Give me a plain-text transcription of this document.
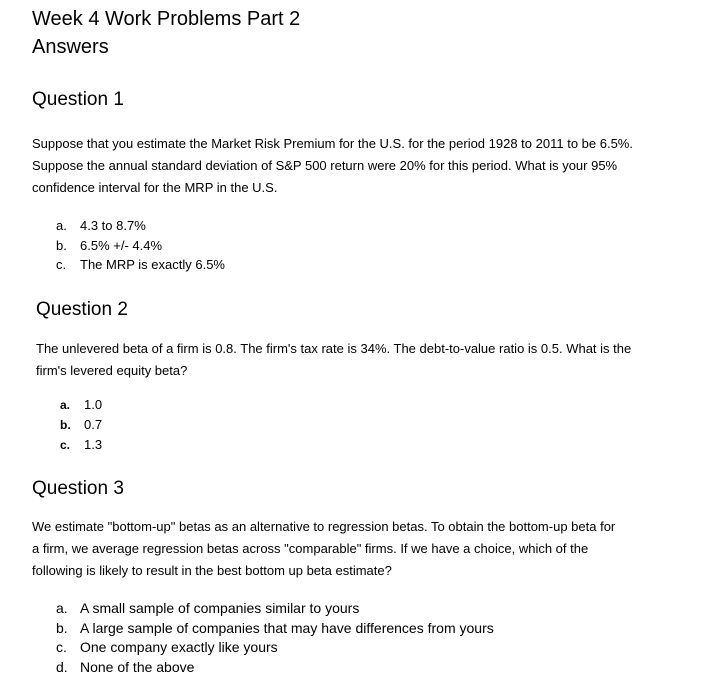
Week 4 Work Problems Part 2
Answers
Question 1
Suppose that you estimate the Market Risk Premium for the U.S. for the period 1928 to 2011 to be 6.5%.
Suppose the annual standard deviation of S&P 500 return were 20% for this period. What is your 95%
confidence interval for the MRP in the U.S.
a.	4.3 to 8.7%
b.	6.5% +/- 4.4%
c.	The MRP is exactly 6.5%
Question 2
The unlevered beta of a firm is 0.8. The firm's tax rate is 34%. The debt-to-value ratio is 0.5. What is the
firm's levered equity beta?
a.	1.0
b.	0.7
c.	1.3
Question 3
We estimate "bottom-up" betas as an alternative to regression betas. To obtain the bottom-up beta for
a firm, we average regression betas across "comparable" firms. If we have a choice, which of the
following is likely to result in the best bottom up beta estimate?
a. A small sample of companies similar to yours
b. A large sample of companies that may have differences from yours
c. One company exactly like yours
d. None of the above
